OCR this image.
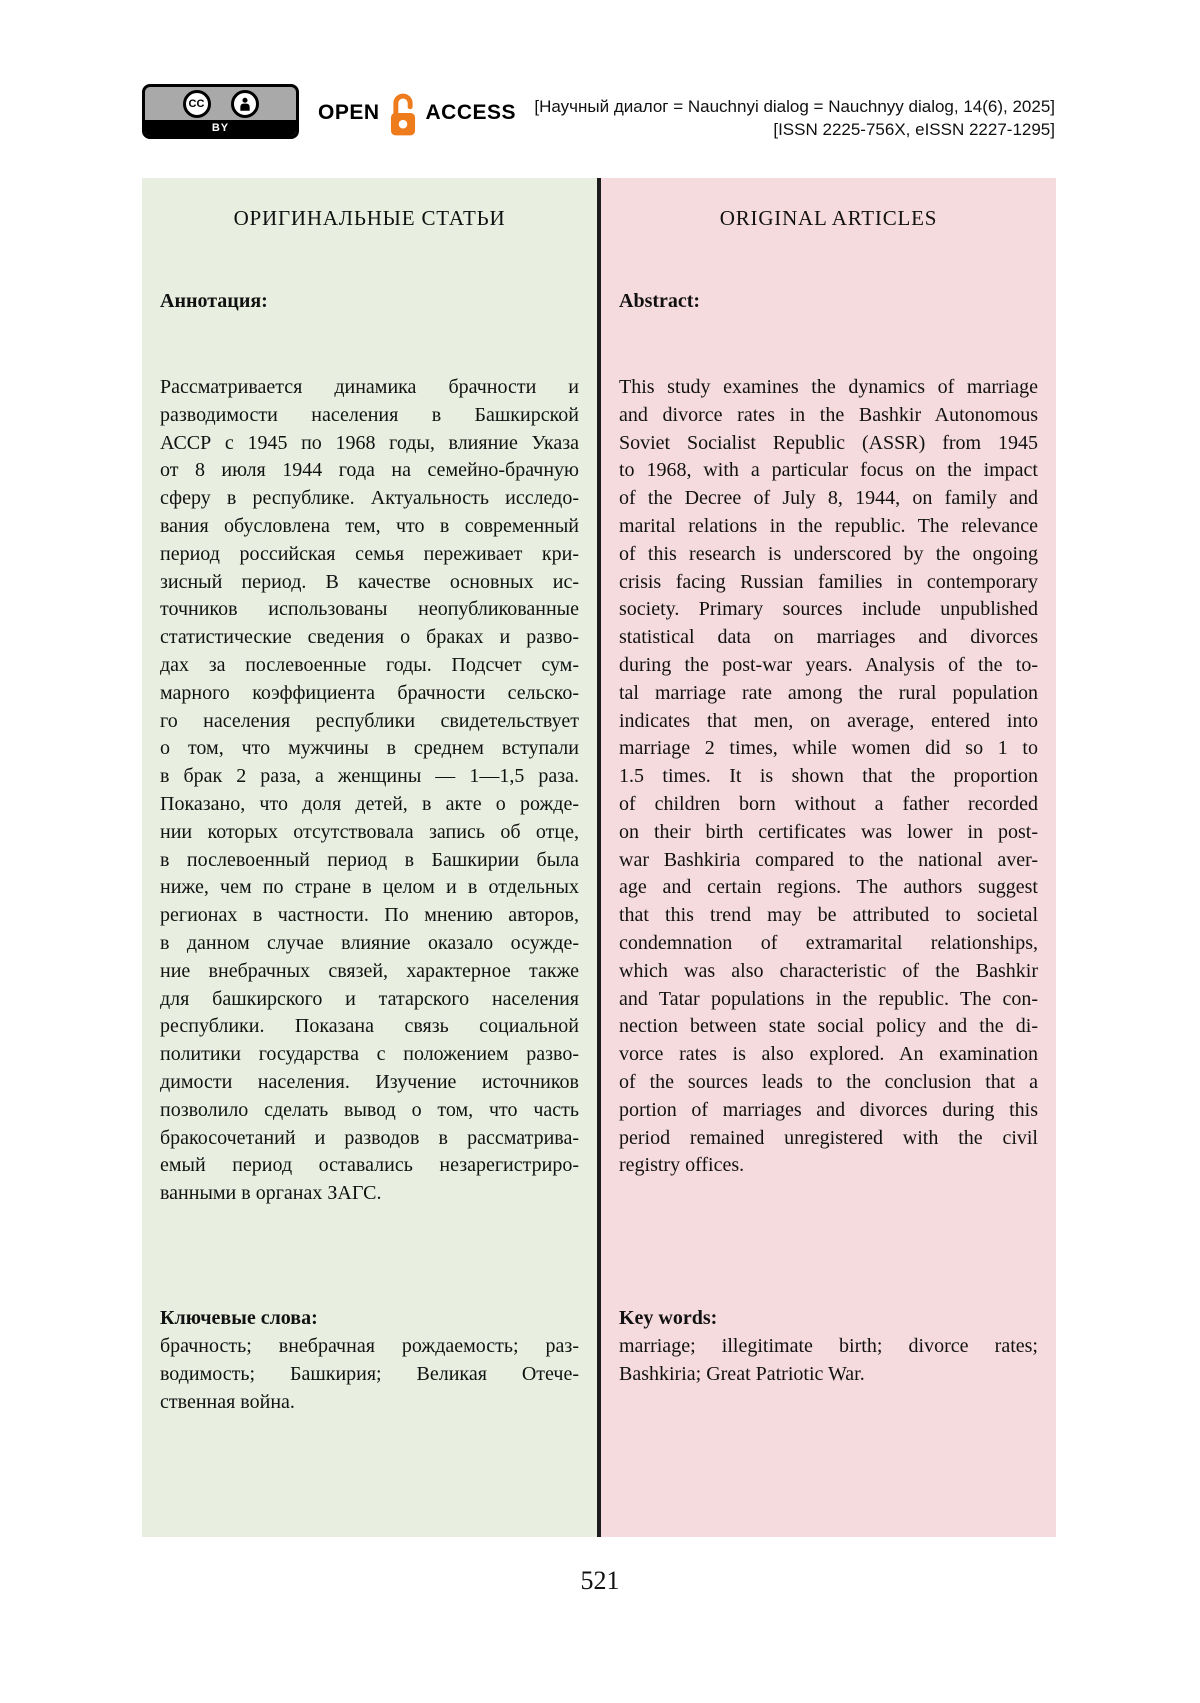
CC
BY
OPEN ACCESS [Научный диалог = Nauchnyi dialog = Nauchnyy dialog, 14(6), 2025]
[ISSN 2225-756X, eISSN 2227-1295]
ОРИГИНАЛЬНЫЕ СТАТЬИ
Аннотация:
Рассматривается динамика брачности и
разводимости населения в Башкирской
АССР с 1945 по 1968 годы, влияние Указа
от 8 июля 1944 года на семейно-брачную
сферу в республике. Актуальность исследо-
вания обусловлена тем, что в современный
период российская семья переживает кри-
зисный период. В качестве основных ис-
точников использованы неопубликованные
статистические сведения о браках и разво-
дах за послевоенные годы. Подсчет сум-
марного коэффициента брачности сельско-
го населения республики свидетельствует
о том, что мужчины в среднем вступали
в брак 2 раза, а женщины — 1—1,5 раза.
Показано, что доля детей, в акте о рожде-
нии которых отсутствовала запись об отце,
в послевоенный период в Башкирии была
ниже, чем по стране в целом и в отдельных
регионах в частности. По мнению авторов,
в данном случае влияние оказало осужде-
ние внебрачных связей, характерное также
для башкирского и татарского населения
республики. Показана связь социальной
политики государства с положением разво-
димости населения. Изучение источников
позволило сделать вывод о том, что часть
бракосочетаний и разводов в рассматрива-
емый период оставались незарегистриро-
ванными в органах ЗАГС.
Ключевые слова:
брачность; внебрачная рождаемость; раз-
водимость; Башкирия; Великая Отече-
ственная война.
ORIGINAL ARTICLES
Abstract:
This study examines the dynamics of marriage
and divorce rates in the Bashkir Autonomous
Soviet Socialist Republic (ASSR) from 1945
to 1968, with a particular focus on the impact
of the Decree of July 8, 1944, on family and
marital relations in the republic. The relevance
of this research is underscored by the ongoing
crisis facing Russian families in contemporary
society. Primary sources include unpublished
statistical data on marriages and divorces
during the post-war years. Analysis of the to-
tal marriage rate among the rural population
indicates that men, on average, entered into
marriage 2 times, while women did so 1 to
1.5 times. It is shown that the proportion
of children born without a father recorded
on their birth certificates was lower in post-
war Bashkiria compared to the national aver-
age and certain regions. The authors suggest
that this trend may be attributed to societal
condemnation of extramarital relationships,
which was also characteristic of the Bashkir
and Tatar populations in the republic. The con-
nection between state social policy and the di-
vorce rates is also explored. An examination
of the sources leads to the conclusion that a
portion of marriages and divorces during this
period remained unregistered with the civil
registry offices.
Key words:
marriage; illegitimate birth; divorce rates;
Bashkiria; Great Patriotic War.
521
